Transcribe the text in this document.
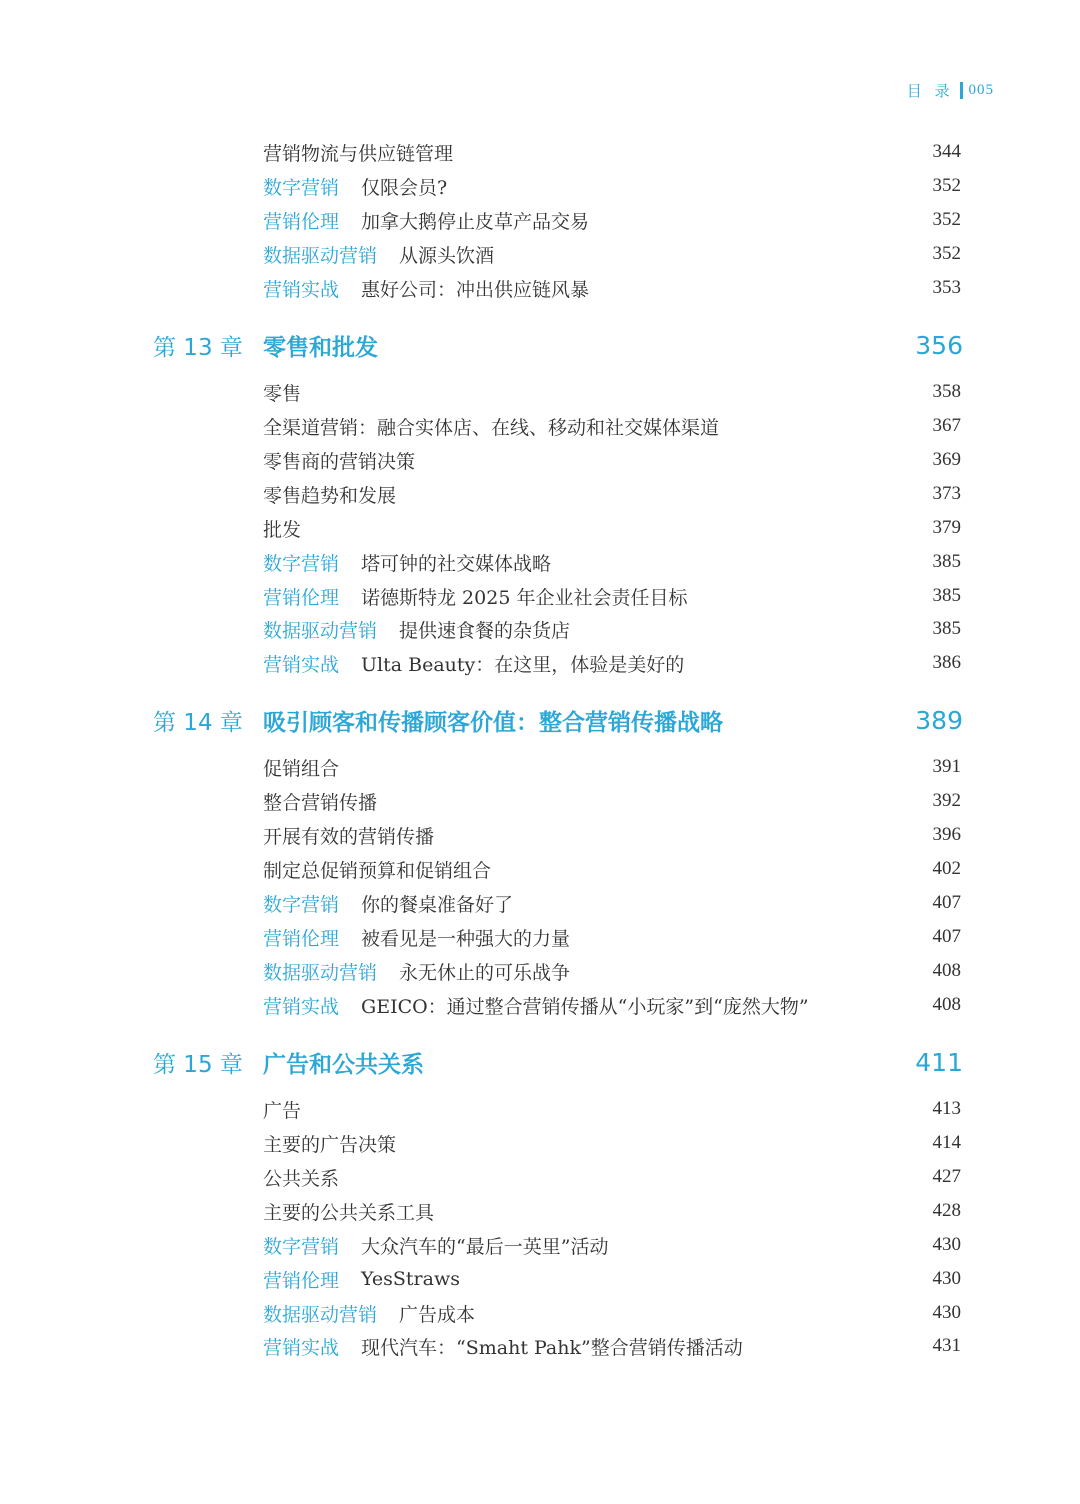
目 录 005
营销物流与供应链管理	344
数字营销 仅限会员?	352
营销伦理 加拿大鹅停止皮草产品交易	352
数据驱动营销 从源头饮酒	352
营销实战 惠好公司：冲出供应链风暴	353
第 13 章 零售和批发	356
零售	358
全渠道营销：融合实体店、在线、移动和社交媒体渠道	367
零售商的营销决策	369
零售趋势和发展	373
批发	379
数字营销 塔可钟的社交媒体战略	385
营销伦理 诺德斯特龙 2025 年企业社会责任目标	385
数据驱动营销 提供速食餐的杂货店	385
营销实战 Ulta Beauty：在这里，体验是美好的	386
第 14 章 吸引顾客和传播顾客价值：整合营销传播战略	389
促销组合	391
整合营销传播	392
开展有效的营销传播	396
制定总促销预算和促销组合	402
数字营销 你的餐桌准备好了	407
营销伦理 被看见是一种强大的力量	407
数据驱动营销 永无休止的可乐战争	408
营销实战 GEICO：通过整合营销传播从“小玩家”到“庞然大物”	408
第 15 章 广告和公共关系	411
广告	413
主要的广告决策	414
公共关系	427
主要的公共关系工具	428
数字营销 大众汽车的“最后一英里”活动	430
营销伦理 YesStraws	430
数据驱动营销 广告成本	430
营销实战 现代汽车：“Smaht Pahk”整合营销传播活动	431
